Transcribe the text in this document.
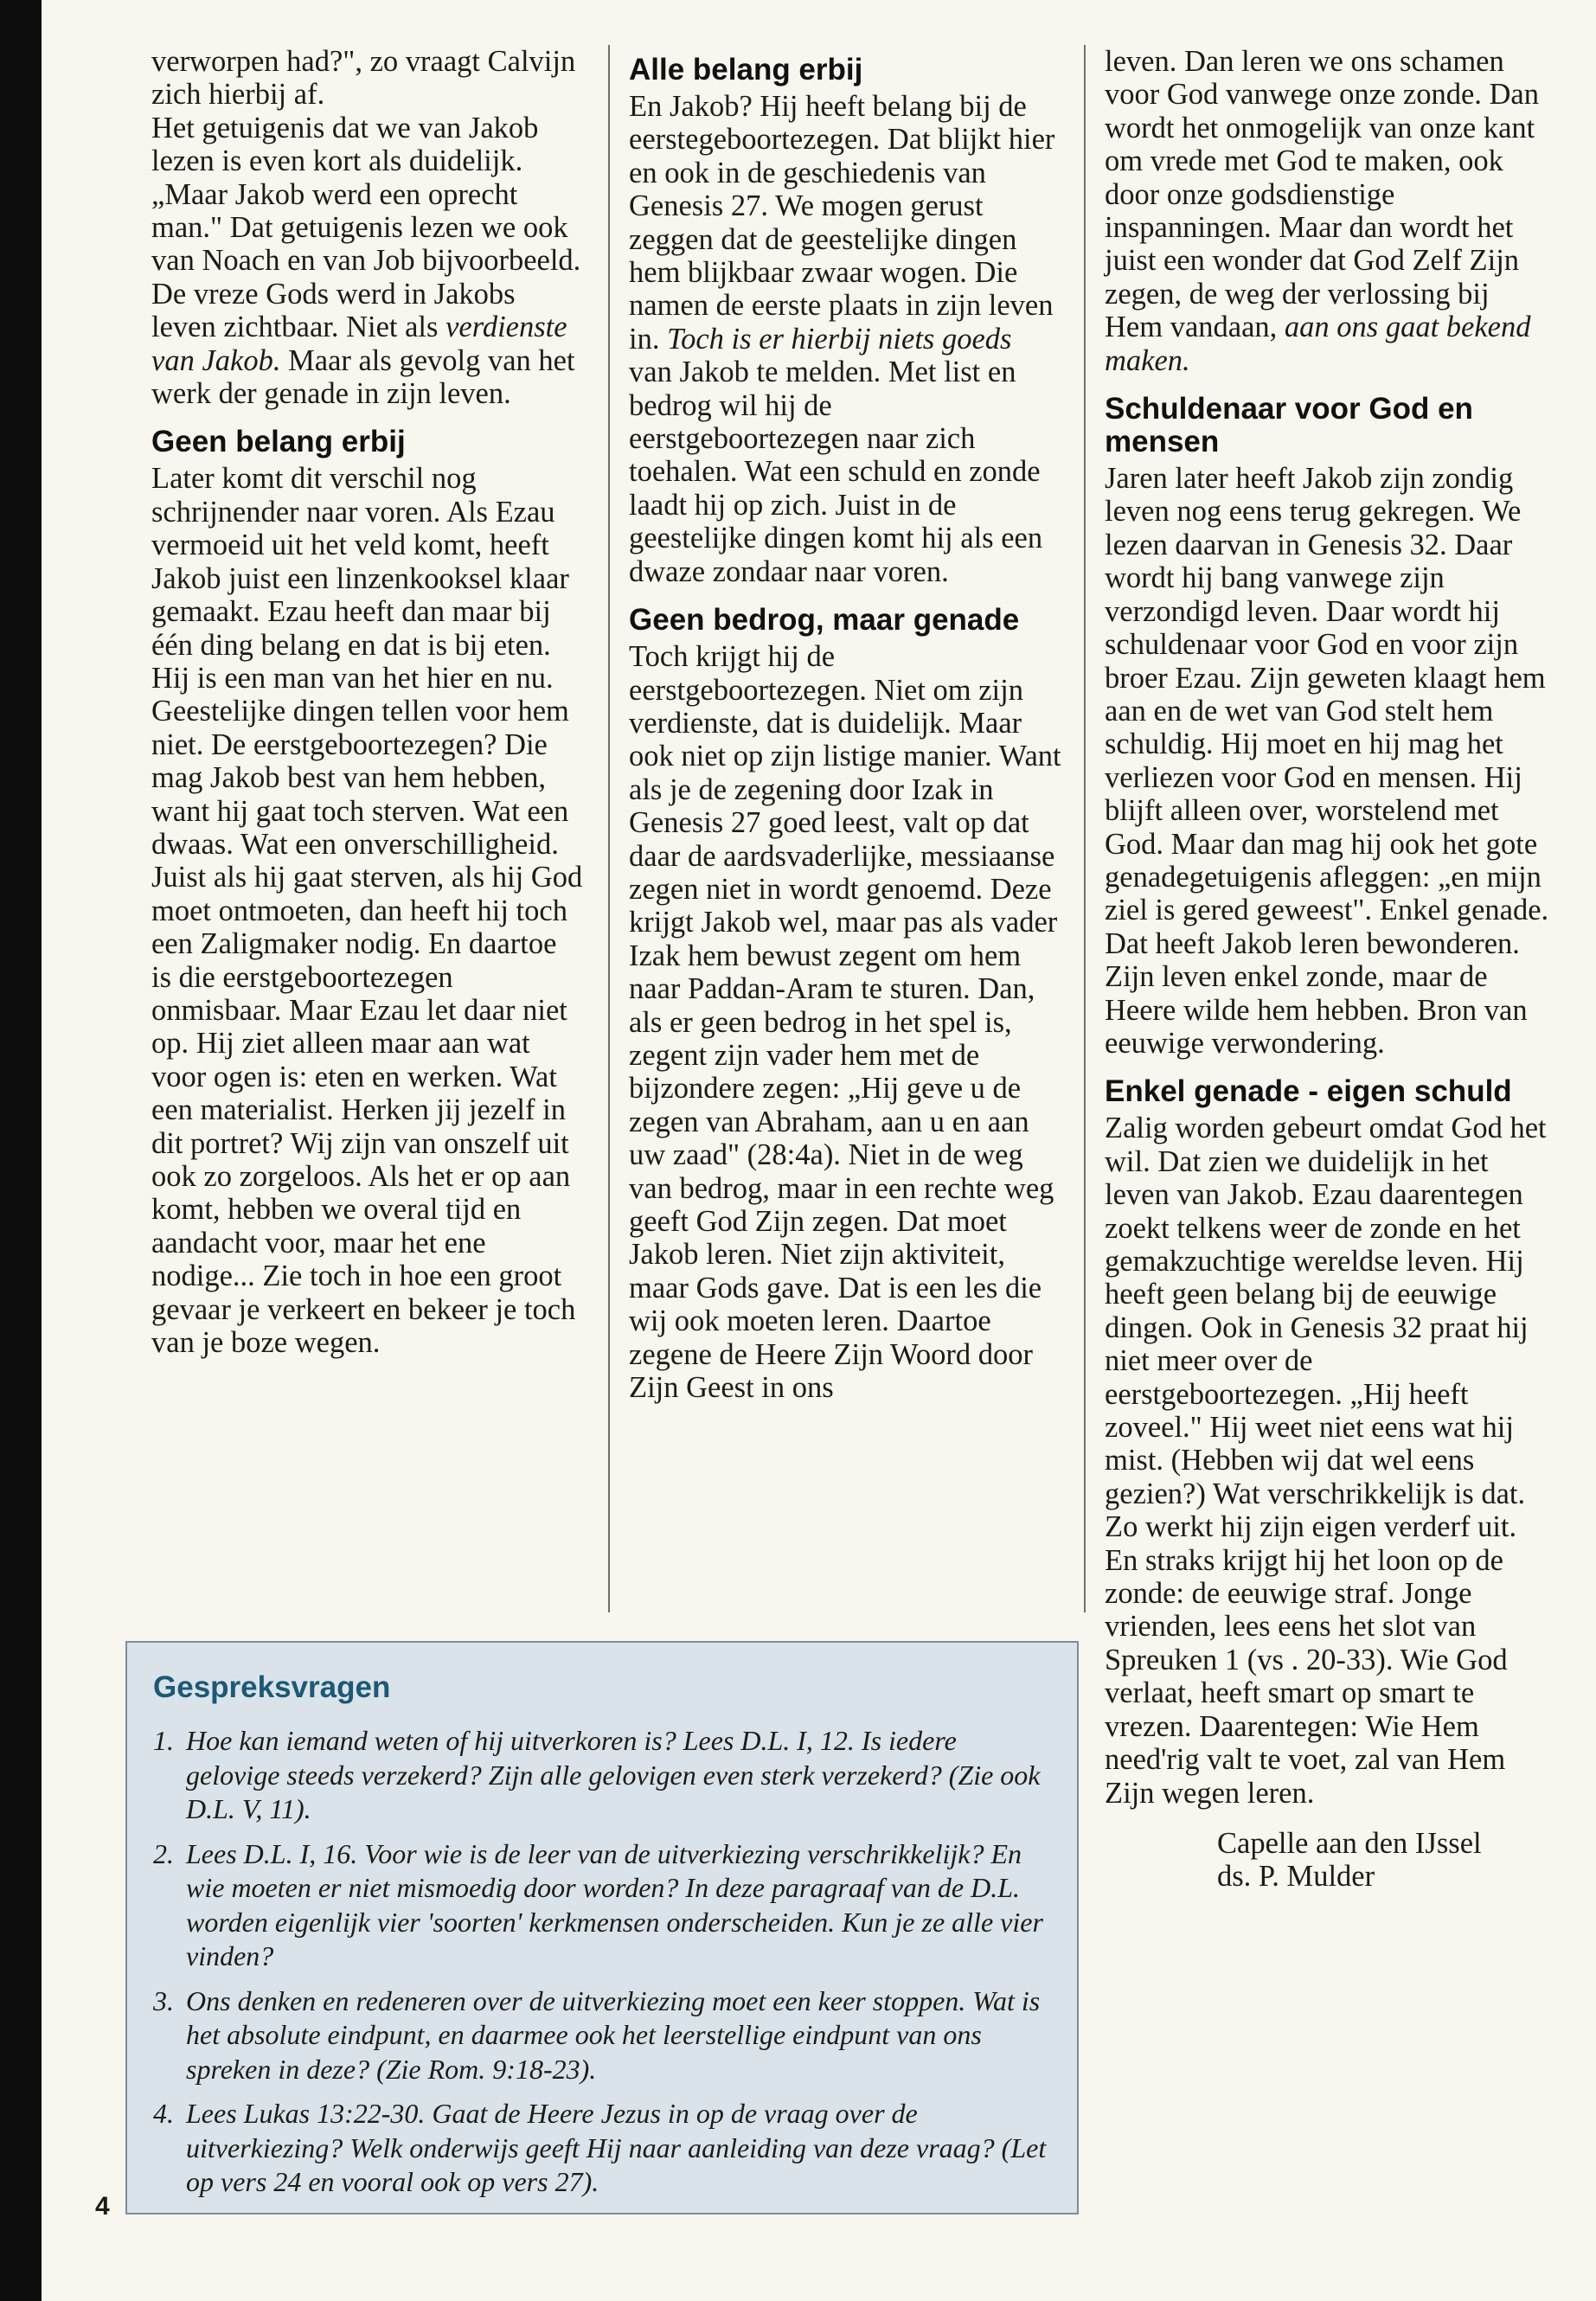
verworpen had?", zo vraagt Calvijn zich hierbij af.

Het getuigenis dat we van Jakob lezen is even kort als duidelijk. „Maar Jakob werd een oprecht man." Dat getuigenis lezen we ook van Noach en van Job bijvoorbeeld. De vreze Gods werd in Jakobs leven zichtbaar. Niet als verdienste van Jakob. Maar als gevolg van het werk der genade in zijn leven.

Geen belang erbij

Later komt dit verschil nog schrijnender naar voren. Als Ezau vermoeid uit het veld komt, heeft Jakob juist een linzenkooksel klaar gemaakt. Ezau heeft dan maar bij één ding belang en dat is bij eten. Hij is een man van het hier en nu. Geestelijke dingen tellen voor hem niet. De eerstgeboortezegen? Die mag Jakob best van hem hebben, want hij gaat toch sterven. Wat een dwaas. Wat een onverschilligheid. Juist als hij gaat sterven, als hij God moet ontmoeten, dan heeft hij toch een Zaligmaker nodig. En daartoe is die eerstgeboortezegen onmisbaar. Maar Ezau let daar niet op. Hij ziet alleen maar aan wat voor ogen is: eten en werken. Wat een materialist. Herken jij jezelf in dit portret? Wij zijn van onszelf uit ook zo zorgeloos. Als het er op aan komt, hebben we overal tijd en aandacht voor, maar het ene nodige... Zie toch in hoe een groot gevaar je verkeert en bekeer je toch van je boze wegen.

Alle belang erbij

En Jakob? Hij heeft belang bij de eerstegeboortezegen. Dat blijkt hier en ook in de geschiedenis van Genesis 27. We mogen gerust zeggen dat de geestelijke dingen hem blijkbaar zwaar wogen. Die namen de eerste plaats in zijn leven in. Toch is er hierbij niets goeds van Jakob te melden. Met list en bedrog wil hij de eerstgeboortezegen naar zich toehalen. Wat een schuld en zonde laadt hij op zich. Juist in de geestelijke dingen komt hij als een dwaze zondaar naar voren.

Geen bedrog, maar genade

Toch krijgt hij de eerstgeboortezegen. Niet om zijn verdienste, dat is duidelijk. Maar ook niet op zijn listige manier. Want als je de zegening door Izak in Genesis 27 goed leest, valt op dat daar de aardsvaderlijke, messiaanse zegen niet in wordt genoemd. Deze krijgt Jakob wel, maar pas als vader Izak hem bewust zegent om hem naar Paddan-Aram te sturen. Dan, als er geen bedrog in het spel is, zegent zijn vader hem met de bijzondere zegen: „Hij geve u de zegen van Abraham, aan u en aan uw zaad" (28:4a). Niet in de weg van bedrog, maar in een rechte weg geeft God Zijn zegen. Dat moet Jakob leren. Niet zijn aktiviteit, maar Gods gave. Dat is een les die wij ook moeten leren. Daartoe zegene de Heere Zijn Woord door Zijn Geest in ons

leven. Dan leren we ons schamen voor God vanwege onze zonde. Dan wordt het onmogelijk van onze kant om vrede met God te maken, ook door onze godsdienstige inspanningen. Maar dan wordt het juist een wonder dat God Zelf Zijn zegen, de weg der verlossing bij Hem vandaan, aan ons gaat bekend maken.

Schuldenaar voor God en mensen

Jaren later heeft Jakob zijn zondig leven nog eens terug gekregen. We lezen daarvan in Genesis 32. Daar wordt hij bang vanwege zijn verzondigd leven. Daar wordt hij schuldenaar voor God en voor zijn broer Ezau. Zijn geweten klaagt hem aan en de wet van God stelt hem schuldig. Hij moet en hij mag het verliezen voor God en mensen. Hij blijft alleen over, worstelend met God. Maar dan mag hij ook het gote genadegetuigenis afleggen: „en mijn ziel is gered geweest". Enkel genade. Dat heeft Jakob leren bewonderen. Zijn leven enkel zonde, maar de Heere wilde hem hebben. Bron van eeuwige verwondering.

Enkel genade - eigen schuld

Zalig worden gebeurt omdat God het wil. Dat zien we duidelijk in het leven van Jakob. Ezau daarentegen zoekt telkens weer de zonde en het gemakzuchtige wereldse leven. Hij heeft geen belang bij de eeuwige dingen. Ook in Genesis 32 praat hij niet meer over de eerstgeboortezegen. „Hij heeft zoveel." Hij weet niet eens wat hij mist. (Hebben wij dat wel eens gezien?) Wat verschrikkelijk is dat. Zo werkt hij zijn eigen verderf uit. En straks krijgt hij het loon op de zonde: de eeuwige straf. Jonge vrienden, lees eens het slot van Spreuken 1 (vs . 20-33). Wie God verlaat, heeft smart op smart te vrezen. Daarentegen: Wie Hem need'rig valt te voet, zal van Hem Zijn wegen leren.

Capelle aan den IJssel
ds. P. Mulder
Gespreksvragen
1. Hoe kan iemand weten of hij uitverkoren is? Lees D.L. I, 12. Is iedere gelovige steeds verzekerd? Zijn alle gelovigen even sterk verzekerd? (Zie ook D.L. V, 11).
2. Lees D.L. I, 16. Voor wie is de leer van de uitverkiezing verschrikkelijk? En wie moeten er niet mismoedig door worden? In deze paragraaf van de D.L. worden eigenlijk vier 'soorten' kerkmensen onderscheiden. Kun je ze alle vier vinden?
3. Ons denken en redeneren over de uitverkiezing moet een keer stoppen. Wat is het absolute eindpunt, en daarmee ook het leerstellige eindpunt van ons spreken in deze? (Zie Rom. 9:18-23).
4. Lees Lukas 13:22-30. Gaat de Heere Jezus in op de vraag over de uitverkiezing? Welk onderwijs geeft Hij naar aanleiding van deze vraag? (Let op vers 24 en vooral ook op vers 27).
4
